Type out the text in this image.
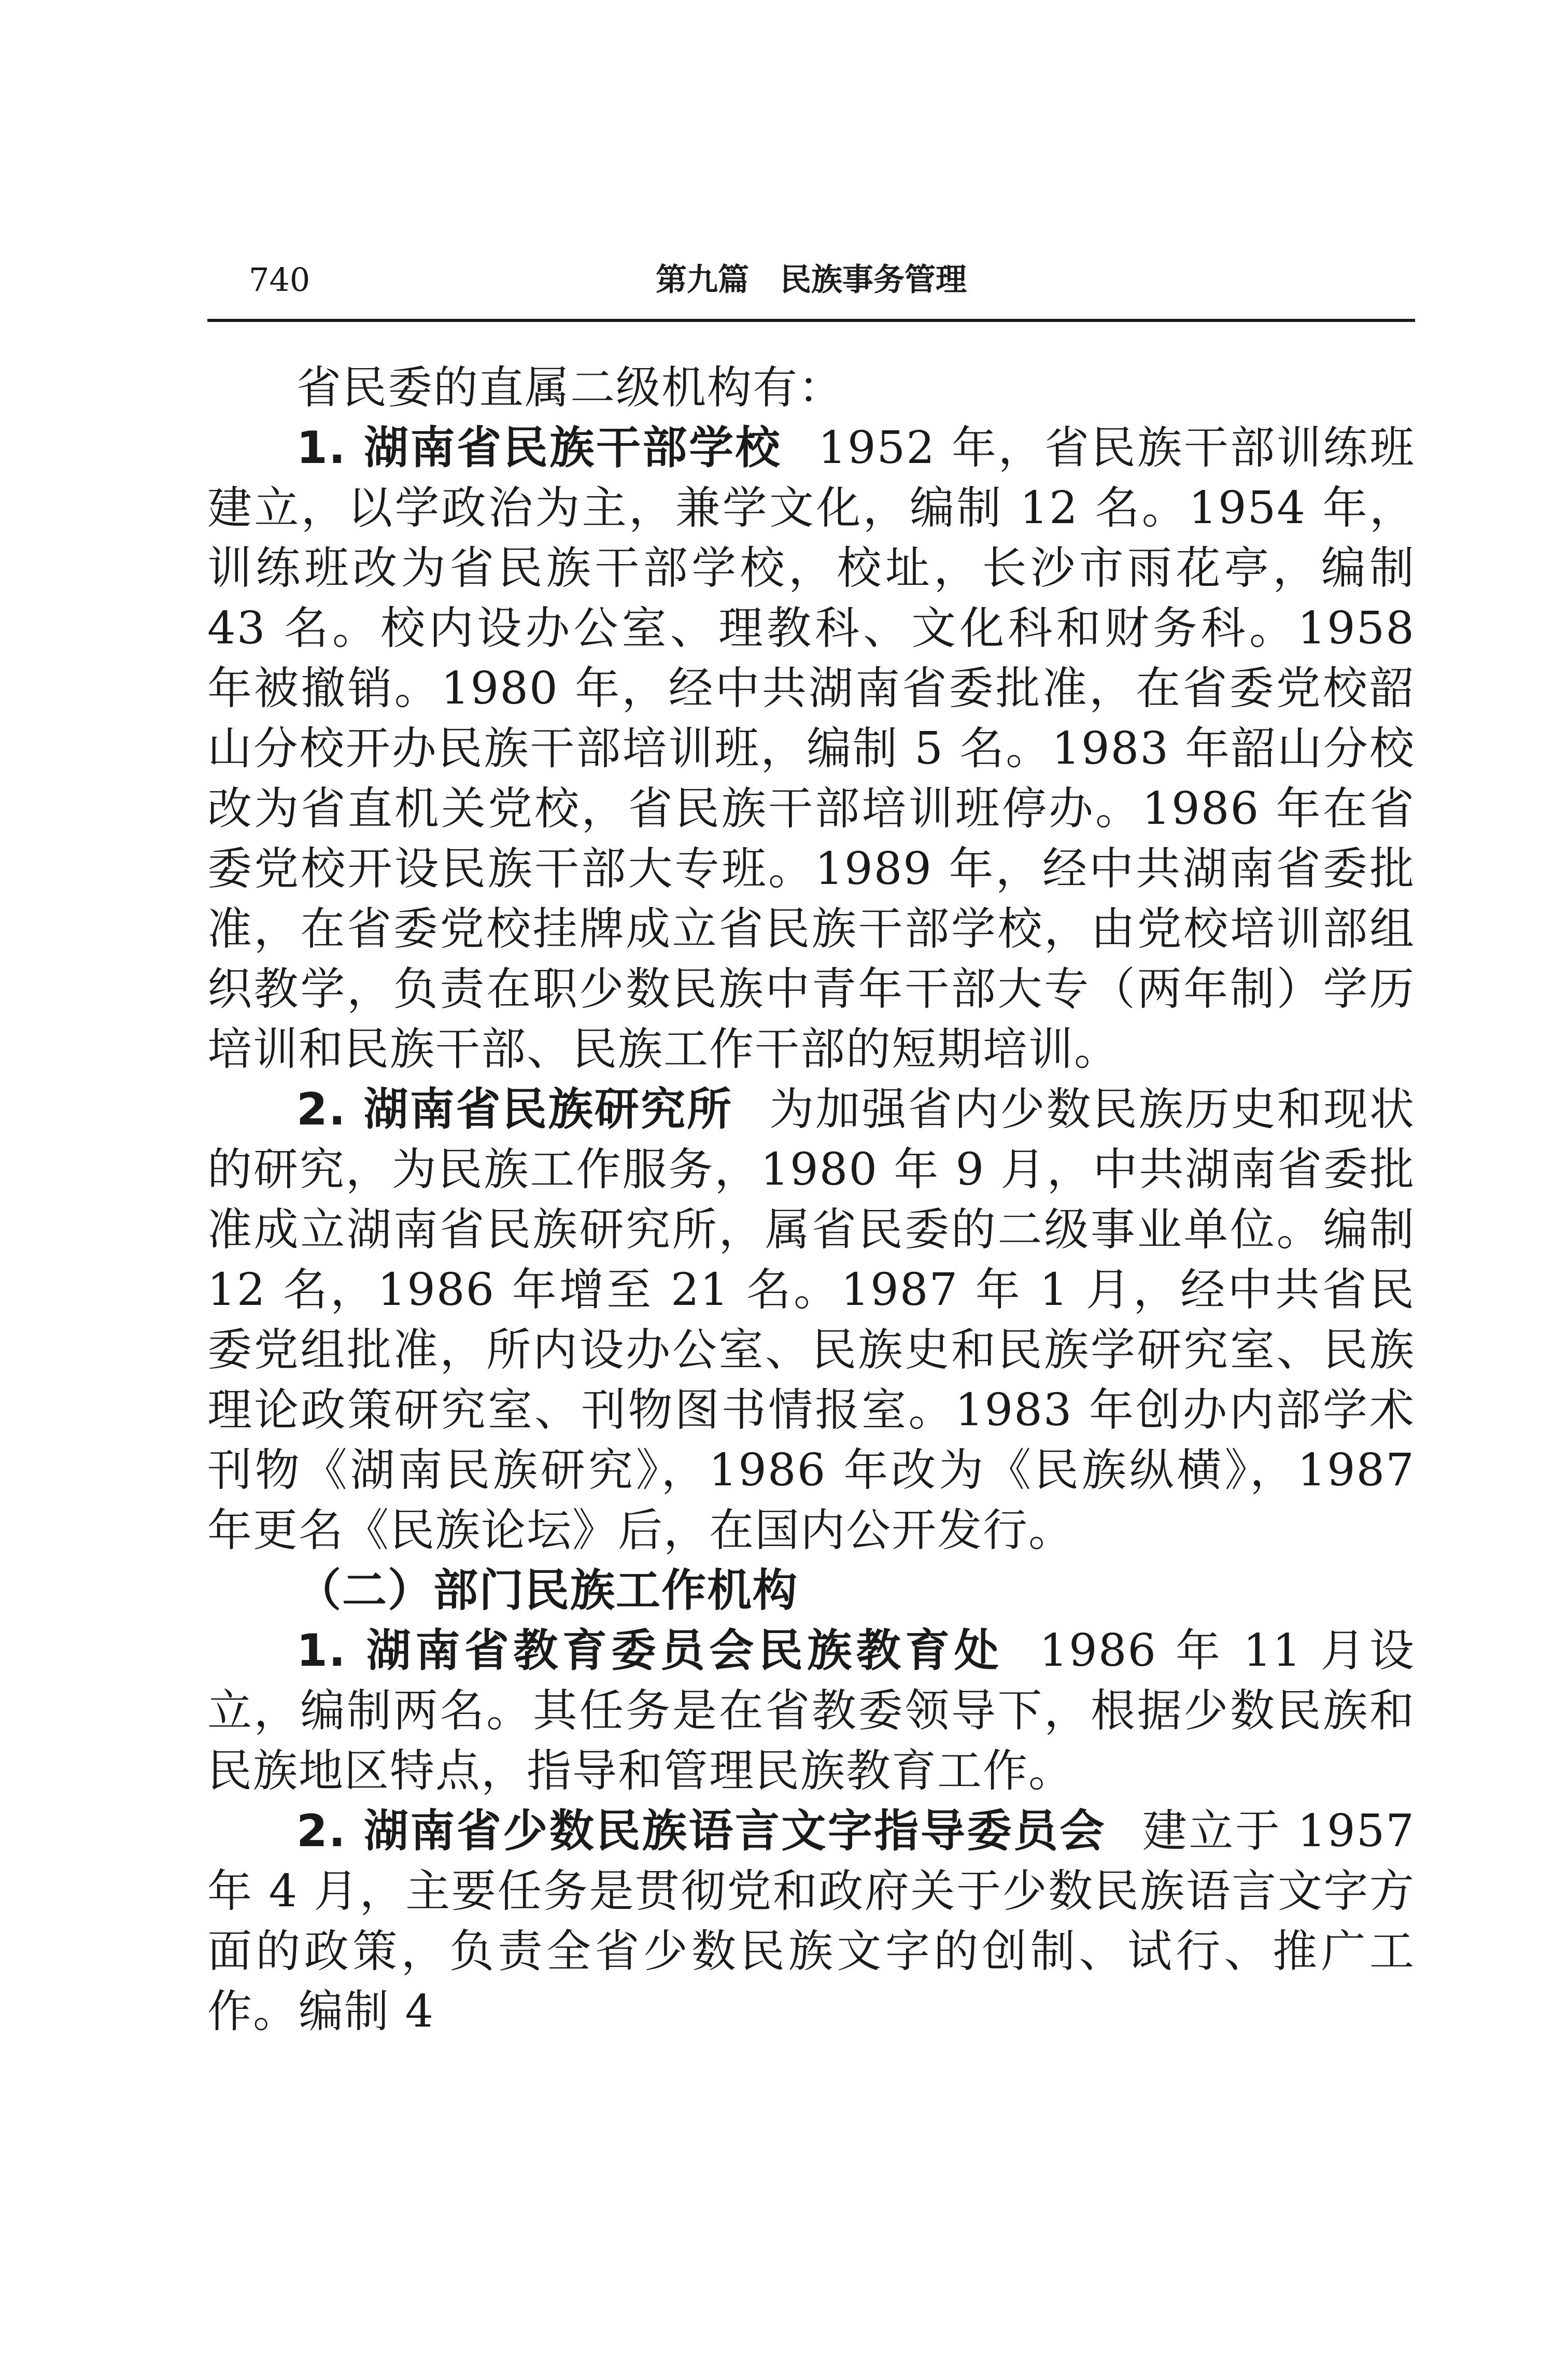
740	第九篇　民族事务管理

省民委的直属二级机构有：

1. 湖南省民族干部学校 1952 年，省民族干部训练班建立，以学政治为主，兼学文化，编制 12 名。1954 年，训练班改为省民族干部学校，校址，长沙市雨花亭，编制 43 名。校内设办公室、理教科、文化科和财务科。1958 年被撤销。1980 年，经中共湖南省委批准，在省委党校韶山分校开办民族干部培训班，编制 5 名。1983 年韶山分校改为省直机关党校，省民族干部培训班停办。1986 年在省委党校开设民族干部大专班。1989 年，经中共湖南省委批准，在省委党校挂牌成立省民族干部学校，由党校培训部组织教学，负责在职少数民族中青年干部大专（两年制）学历培训和民族干部、民族工作干部的短期培训。

2. 湖南省民族研究所 为加强省内少数民族历史和现状的研究，为民族工作服务，1980 年 9 月，中共湖南省委批准成立湖南省民族研究所，属省民委的二级事业单位。编制 12 名，1986 年增至 21 名。1987 年 1 月，经中共省民委党组批准，所内设办公室、民族史和民族学研究室、民族理论政策研究室、刊物图书情报室。1983 年创办内部学术刊物《湖南民族研究》，1986 年改为《民族纵横》，1987 年更名《民族论坛》后，在国内公开发行。

（二）部门民族工作机构

1. 湖南省教育委员会民族教育处 1986 年 11 月设立，编制两名。其任务是在省教委领导下，根据少数民族和民族地区特点，指导和管理民族教育工作。

2. 湖南省少数民族语言文字指导委员会 建立于 1957 年 4 月，主要任务是贯彻党和政府关于少数民族语言文字方面的政策，负责全省少数民族文字的创制、试行、推广工作。编制 4
